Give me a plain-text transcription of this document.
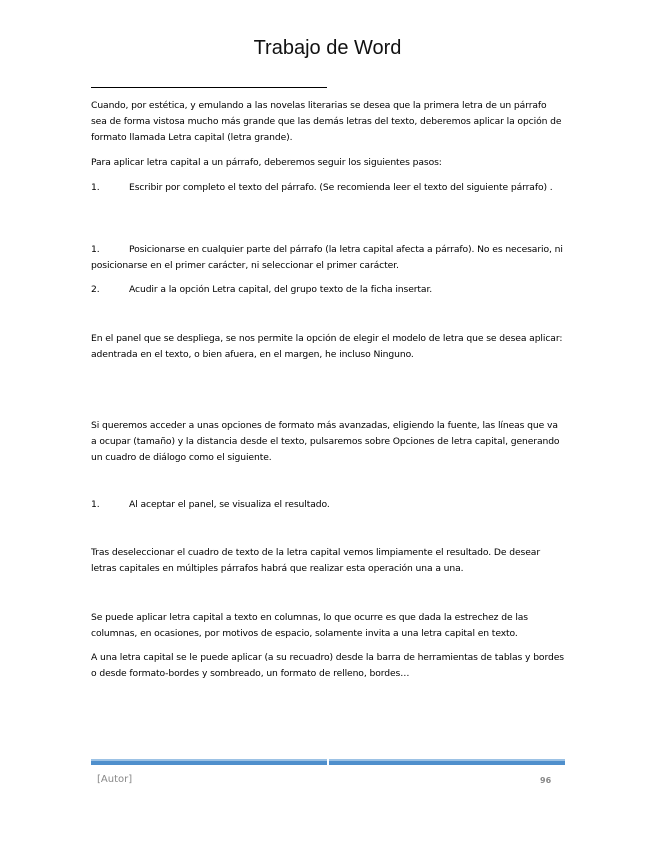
Trabajo de Word

Cuando, por estética, y emulando a las novelas literarias se desea que la primera letra de un párrafo sea de forma vistosa mucho más grande que las demás letras del texto, deberemos aplicar la opción de formato llamada Letra capital (letra grande).

Para aplicar letra capital a un párrafo, deberemos seguir los siguientes pasos:

1.	Escribir por completo el texto del párrafo. (Se recomienda leer el texto del siguiente párrafo) .

1.	Posicionarse en cualquier parte del párrafo (la letra capital afecta a párrafo). No es necesario, ni posicionarse en el primer carácter, ni seleccionar el primer carácter.

2.	Acudir a la opción Letra capital, del grupo texto de la ficha insertar.

En el panel que se despliega, se nos permite la opción de elegir el modelo de letra que se desea aplicar: adentrada en el texto, o bien afuera, en el margen, he incluso Ninguno.

Si queremos acceder a unas opciones de formato más avanzadas, eligiendo la fuente, las líneas que va a ocupar (tamaño) y la distancia desde el texto, pulsaremos sobre Opciones de letra capital, generando un cuadro de diálogo como el siguiente.

1.	Al aceptar el panel, se visualiza el resultado.

Tras deseleccionar el cuadro de texto de la letra capital vemos limpiamente el resultado. De desear letras capitales en múltiples párrafos habrá que realizar esta operación una a una.

Se puede aplicar letra capital a texto en columnas, lo que ocurre es que dada la estrechez de las columnas, en ocasiones, por motivos de espacio, solamente invita a una letra capital en texto.

A una letra capital se le puede aplicar (a su recuadro) desde la barra de herramientas de tablas y bordes o desde formato-bordes y sombreado, un formato de relleno, bordes…

[Autor]	96
